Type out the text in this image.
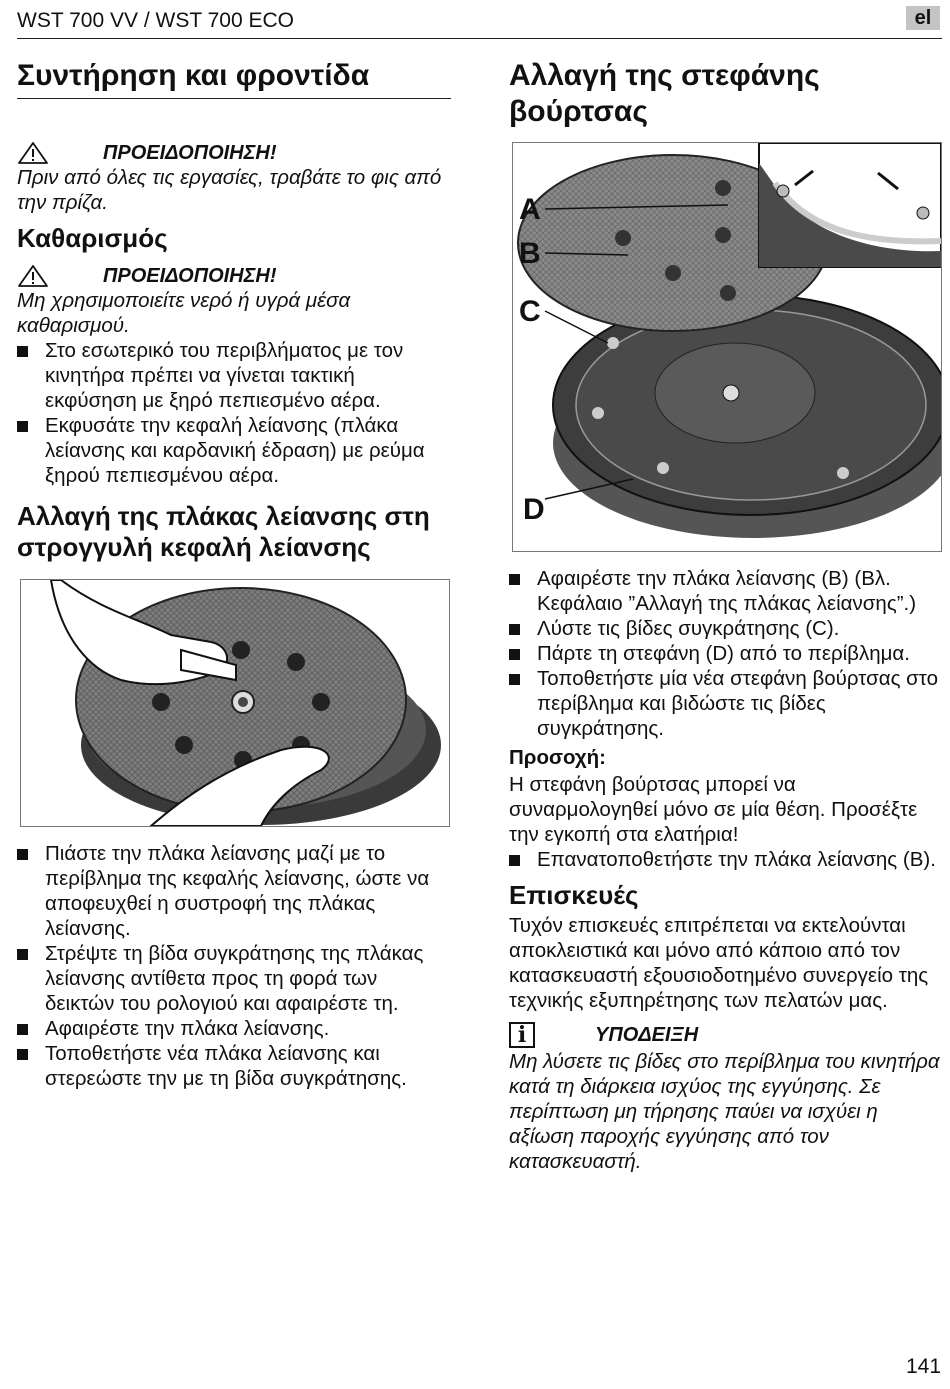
WST 700 VV / WST 700 ECO	el
Συντήρηση και φροντίδα
ΠΡΟΕΙΔΟΠΟΙΗΣΗ!

Πριν από όλες τις εργασίες, τραβάτε το φις από την πρίζα.

Καθαρισμός
ΠΡΟΕΙΔΟΠΟΙΗΣΗ!

Μη χρησιμοποιείτε νερό ή υγρά μέσα καθαρισμού.

Στο εσωτερικό του περιβλήματος με τον κινητήρα πρέπει να γίνεται τακτική εκφύσηση με ξηρό πεπιεσμένο αέρα.
Εκφυσάτε την κεφαλή λείανσης (πλάκα λείανσης και καρδανική έδραση) με ρεύμα ξηρού πεπιεσμένου αέρα.
Αλλαγή της πλάκας λείανσης στη στρογγυλή κεφαλή λείανσης
Πιάστε την πλάκα λείανσης μαζί με το περίβλημα της κεφαλής λείανσης, ώστε να αποφευχθεί η συστροφή της πλάκας λείανσης.
Στρέψτε τη βίδα συγκράτησης της πλάκας λείανσης αντίθετα προς τη φορά των δεικτών του ρολογιού και αφαιρέστε τη.
Αφαιρέστε την πλάκα λείανσης.
Τοποθετήστε νέα πλάκα λείανσης και στερεώστε την με τη βίδα συγκράτησης.
Αλλαγή της στεφάνης βούρτσας
A
B
C
D
Αφαιρέστε την πλάκα λείανσης (B) (Βλ. Κεφάλαιο ”Αλλαγή της πλάκας λείανσης”.)
Λύστε τις βίδες συγκράτησης (C).
Πάρτε τη στεφάνη (D) από το περίβλημα.
Τοποθετήστε μία νέα στεφάνη βούρτσας στο περίβλημα και βιδώστε τις βίδες συγκράτησης.
Προσοχή:

Η στεφάνη βούρτσας μπορεί να συναρμολογηθεί μόνο σε μία θέση. Προσέξτε την εγκοπή στα ελατήρια!

Επανατοποθετήστε την πλάκα λείανσης (B).
Επισκευές

Τυχόν επισκευές επιτρέπεται να εκτελούνται αποκλειστικά και μόνο από κάποιο από τον κατασκευαστή εξουσιοδοτημένο συνεργείο της τεχνικής εξυπηρέτησης των πελατών μας.

i	ΥΠΟΔΕΙΞΗ

Μη λύσετε τις βίδες στο περίβλημα του κινητήρα κατά τη διάρκεια ισχύος της εγγύησης. Σε περίπτωση μη τήρησης παύει να ισχύει η αξίωση παροχής εγγύησης από τον κατασκευαστή.

141
